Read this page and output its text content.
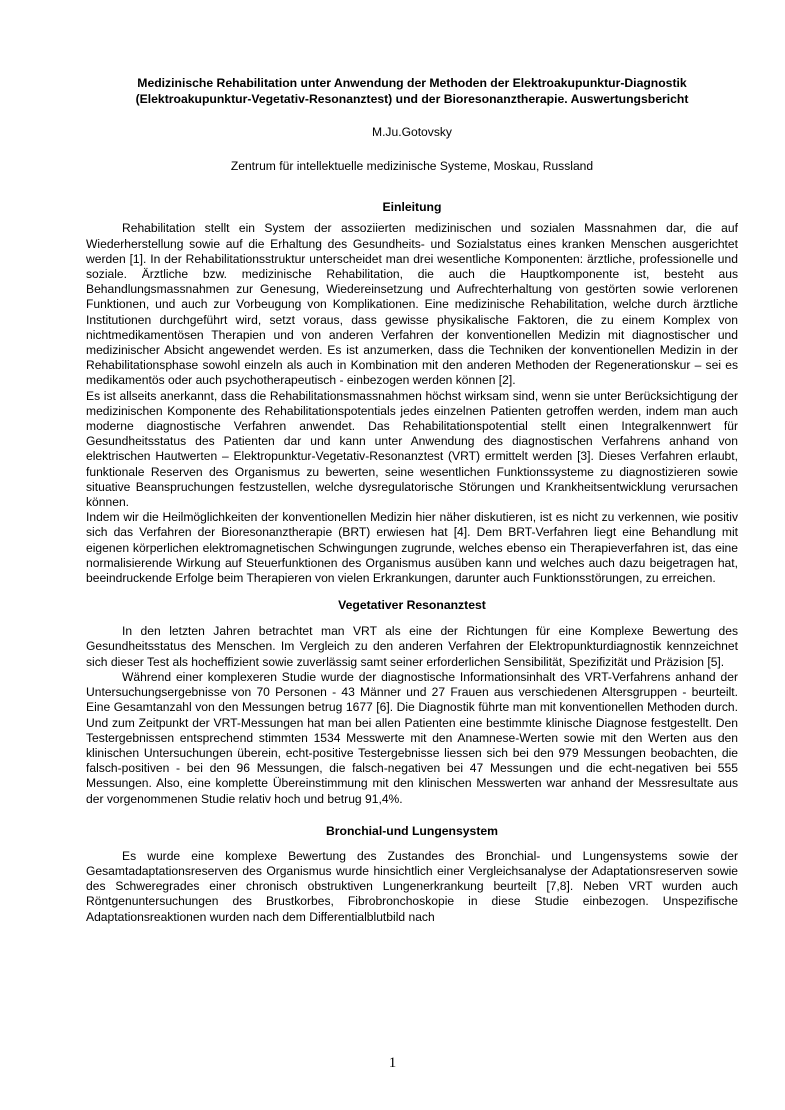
Medizinische Rehabilitation unter Anwendung der Methoden der Elektroakupunktur-Diagnostik
(Elektroakupunktur-Vegetativ-Resonanztest) und der Bioresonanztherapie. Auswertungsbericht

M.Ju.Gotovsky

Zentrum für intellektuelle medizinische Systeme, Moskau, Russland

Einleitung

Rehabilitation stellt ein System der assoziierten medizinischen und sozialen Massnahmen dar, die auf Wiederherstellung sowie auf die Erhaltung des Gesundheits- und Sozialstatus eines kranken Menschen ausgerichtet werden [1]. In der Rehabilitationsstruktur unterscheidet man drei wesentliche Komponenten: ärztliche, professionelle und soziale. Ärztliche bzw. medizinische Rehabilitation, die auch die Hauptkomponente ist, besteht aus Behandlungsmassnahmen zur Genesung, Wiedereinsetzung und Aufrechterhaltung von gestörten sowie verlorenen Funktionen, und auch zur Vorbeugung von Komplikationen. Eine medizinische Rehabilitation, welche durch ärztliche Institutionen durchgeführt wird, setzt voraus, dass gewisse physikalische Faktoren, die zu einem Komplex von nichtmedikamentösen Therapien und von anderen Verfahren der konventionellen Medizin mit diagnostischer und medizinischer Absicht angewendet werden. Es ist anzumerken, dass die Techniken der konventionellen Medizin in der Rehabilitationsphase sowohl einzeln als auch in Kombination mit den anderen Methoden der Regenerationskur – sei es medikamentös oder auch psychotherapeutisch - einbezogen werden können [2].

Es ist allseits anerkannt, dass die Rehabilitationsmassnahmen höchst wirksam sind, wenn sie unter Berücksichtigung der medizinischen Komponente des Rehabilitationspotentials jedes einzelnen Patienten getroffen werden, indem man auch moderne diagnostische Verfahren anwendet. Das Rehabilitationspotential stellt einen Integralkennwert für Gesundheitsstatus des Patienten dar und kann unter Anwendung des diagnostischen Verfahrens anhand von elektrischen Hautwerten – Elektropunktur-Vegetativ-Resonanztest (VRT) ermittelt werden [3]. Dieses Verfahren erlaubt, funktionale Reserven des Organismus zu bewerten, seine wesentlichen Funktionssysteme zu diagnostizieren sowie situative Beanspruchungen festzustellen, welche dysregulatorische Störungen und Krankheitsentwicklung verursachen können.

Indem wir die Heilmöglichkeiten der konventionellen Medizin hier näher diskutieren, ist es nicht zu verkennen, wie positiv sich das Verfahren der Bioresonanztherapie (BRT) erwiesen hat [4]. Dem BRT-Verfahren liegt eine Behandlung mit eigenen körperlichen elektromagnetischen Schwingungen zugrunde, welches ebenso ein Therapieverfahren ist, das eine normalisierende Wirkung auf Steuerfunktionen des Organismus ausüben kann und welches auch dazu beigetragen hat, beeindruckende Erfolge beim Therapieren von vielen Erkrankungen, darunter auch Funktionsstörungen, zu erreichen.

Vegetativer Resonanztest

In den letzten Jahren betrachtet man VRT als eine der Richtungen für eine Komplexe Bewertung des Gesundheitsstatus des Menschen. Im Vergleich zu den anderen Verfahren der Elektropunkturdiagnostik kennzeichnet sich dieser Test als hocheffizient sowie zuverlässig samt seiner erforderlichen Sensibilität, Spezifizität und Präzision [5].

Während einer komplexeren Studie wurde der diagnostische Informationsinhalt des VRT-Verfahrens anhand der Untersuchungsergebnisse von 70 Personen - 43 Männer und 27 Frauen aus verschiedenen Altersgruppen - beurteilt. Eine Gesamtanzahl von den Messungen betrug 1677 [6]. Die Diagnostik führte man mit konventionellen Methoden durch. Und zum Zeitpunkt der VRT-Messungen hat man bei allen Patienten eine bestimmte klinische Diagnose festgestellt. Den Testergebnissen entsprechend stimmten 1534 Messwerte mit den Anamnese-Werten sowie mit den Werten aus den klinischen Untersuchungen überein, echt-positive Testergebnisse liessen sich bei den 979 Messungen beobachten, die falsch-positiven - bei den 96 Messungen, die falsch-negativen bei 47 Messungen und die echt-negativen bei 555 Messungen. Also, eine komplette Übereinstimmung mit den klinischen Messwerten war anhand der Messresultate aus der vorgenommenen Studie relativ hoch und betrug 91,4%.

Bronchial-und Lungensystem

Es wurde eine komplexe Bewertung des Zustandes des Bronchial- und Lungensystems sowie der Gesamtadaptationsreserven des Organismus wurde hinsichtlich einer Vergleichsanalyse der Adaptationsreserven sowie des Schweregrades einer chronisch obstruktiven Lungenerkrankung beurteilt [7,8]. Neben VRT wurden auch Röntgenuntersuchungen des Brustkorbes, Fibrobronchoskopie in diese Studie einbezogen. Unspezifische Adaptationsreaktionen wurden nach dem Differentialblutbild nach

1
